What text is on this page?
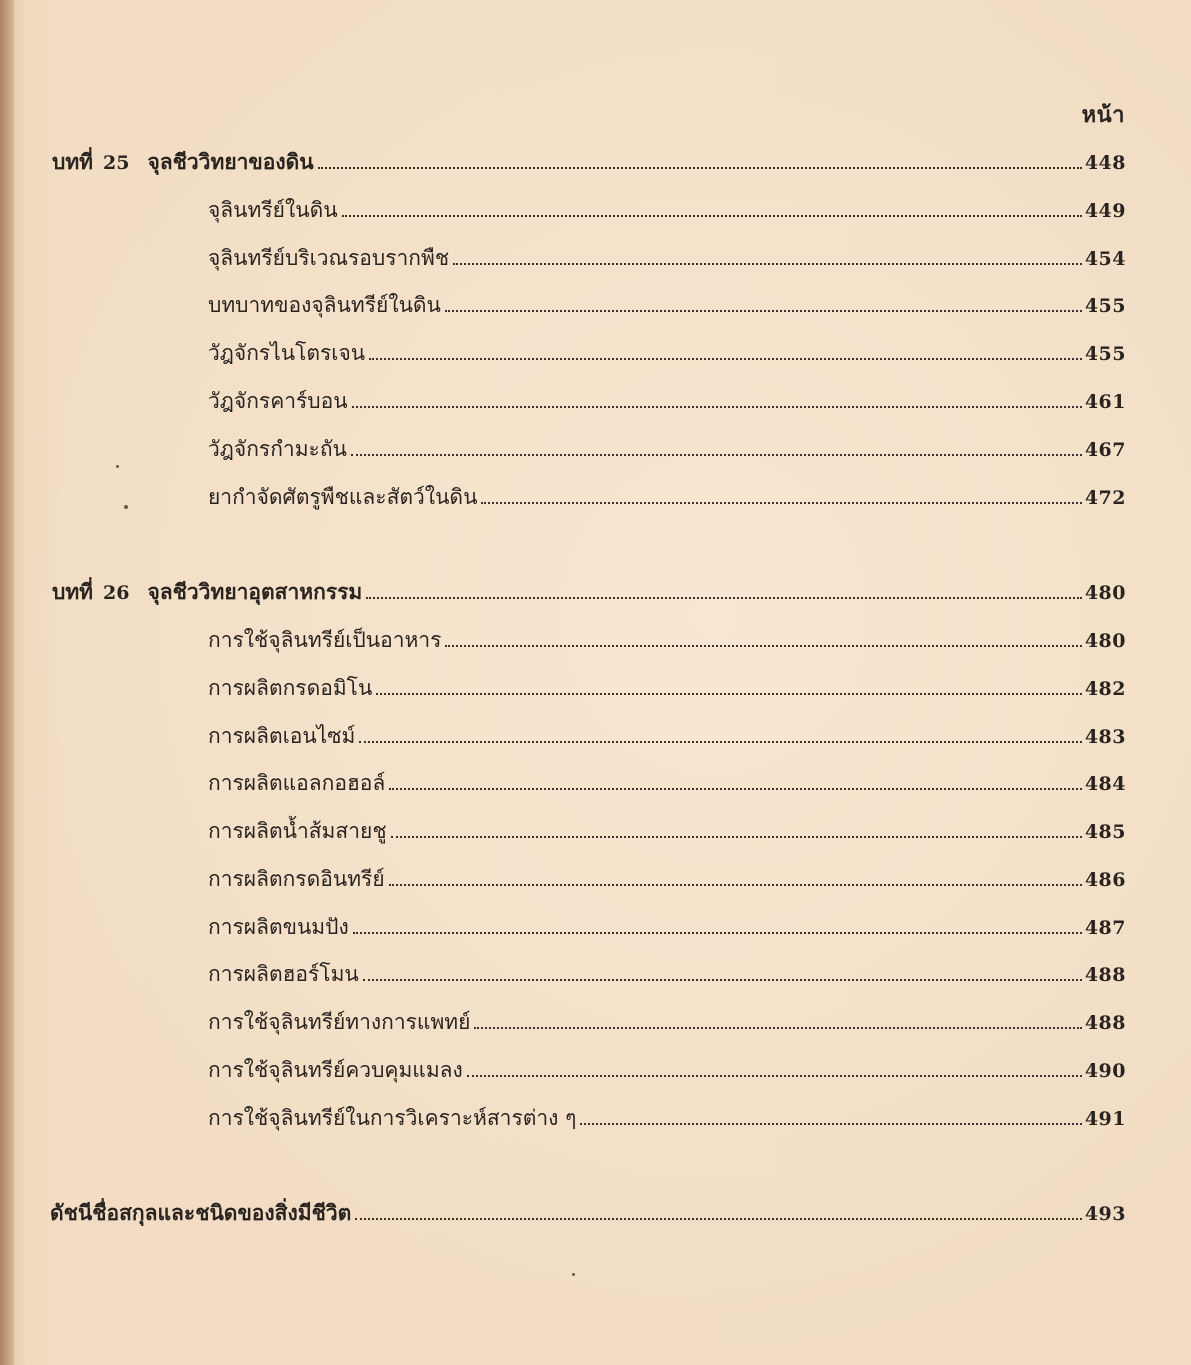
หน้า
บทที่ 25 จุลชีววิทยาของดิน	448
จุลินทรีย์ในดิน	449
จุลินทรีย์บริเวณรอบรากพืช	454
บทบาทของจุลินทรีย์ในดิน	455
วัฎจักรไนโตรเจน	455
วัฎจักรคาร์บอน	461
วัฎจักรกำมะถัน	467
ยากำจัดศัตรูพืชและสัตว์ในดิน	472
บทที่ 26 จุลชีววิทยาอุตสาหกรรม	480
การใช้จุลินทรีย์เป็นอาหาร	480
การผลิตกรดอมิโน	482
การผลิตเอนไซม์	483
การผลิตแอลกอฮอล์	484
การผลิตน้ำส้มสายชู	485
การผลิตกรดอินทรีย์	486
การผลิตขนมปัง	487
การผลิตฮอร์โมน	488
การใช้จุลินทรีย์ทางการแพทย์	488
การใช้จุลินทรีย์ควบคุมแมลง	490
การใช้จุลินทรีย์ในการวิเคราะห์สารต่าง ๆ	491
ดัชนีชื่อสกุลและชนิดของสิ่งมีชีวิต	493
